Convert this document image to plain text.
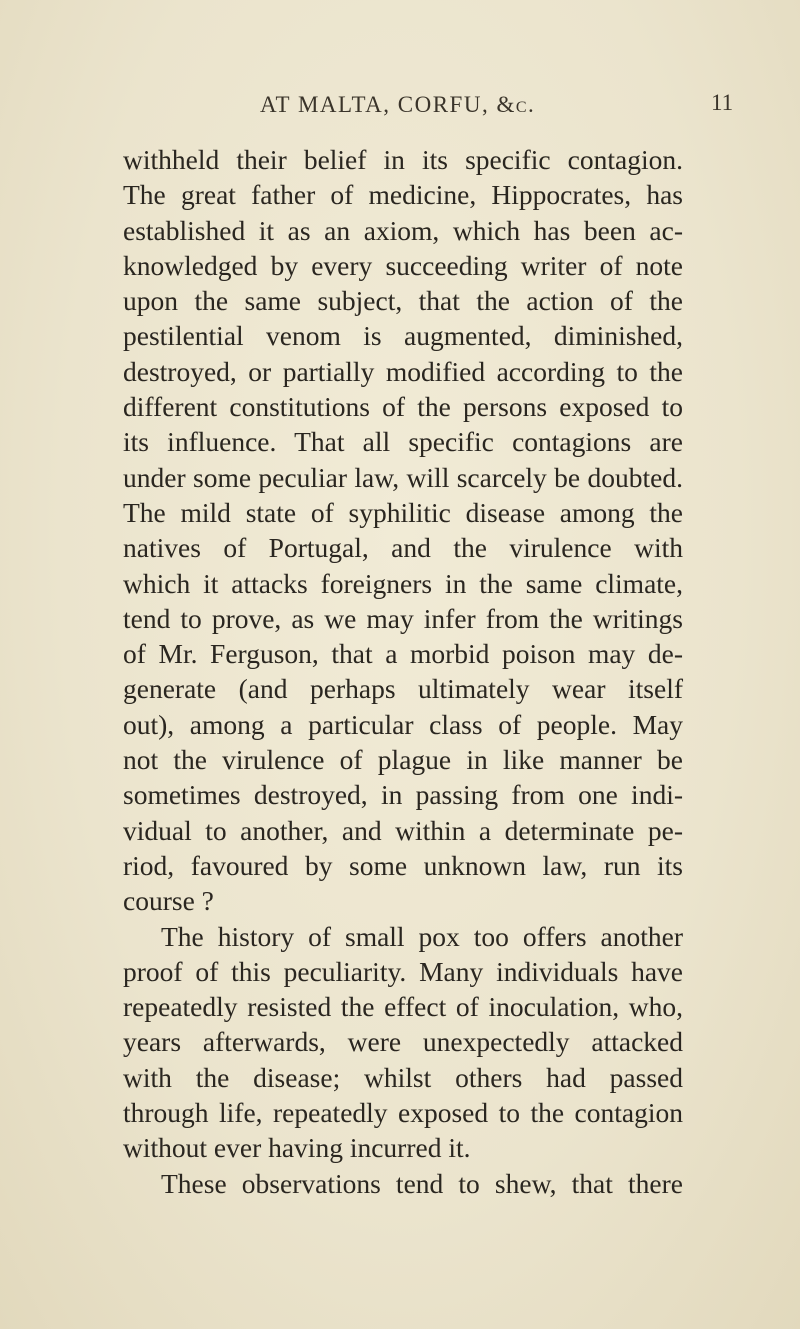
AT MALTA, CORFU, &c.	11
withheld their belief in its specific contagion.
The great father of medicine, Hippocrates, has
established it as an axiom, which has been ac-
knowledged by every succeeding writer of note
upon the same subject, that the action of the
pestilential venom is augmented, diminished,
destroyed, or partially modified according to the
different constitutions of the persons exposed to
its influence. That all specific contagions are
under some peculiar law, will scarcely be doubted.
The mild state of syphilitic disease among the
natives of Portugal, and the virulence with
which it attacks foreigners in the same climate,
tend to prove, as we may infer from the writings
of Mr. Ferguson, that a morbid poison may de-
generate (and perhaps ultimately wear itself
out), among a particular class of people. May
not the virulence of plague in like manner be
sometimes destroyed, in passing from one indi-
vidual to another, and within a determinate pe-
riod, favoured by some unknown law, run its
course ?
The history of small pox too offers another
proof of this peculiarity. Many individuals have
repeatedly resisted the effect of inoculation, who,
years afterwards, were unexpectedly attacked
with the disease; whilst others had passed
through life, repeatedly exposed to the contagion
without ever having incurred it.
These observations tend to shew, that there
